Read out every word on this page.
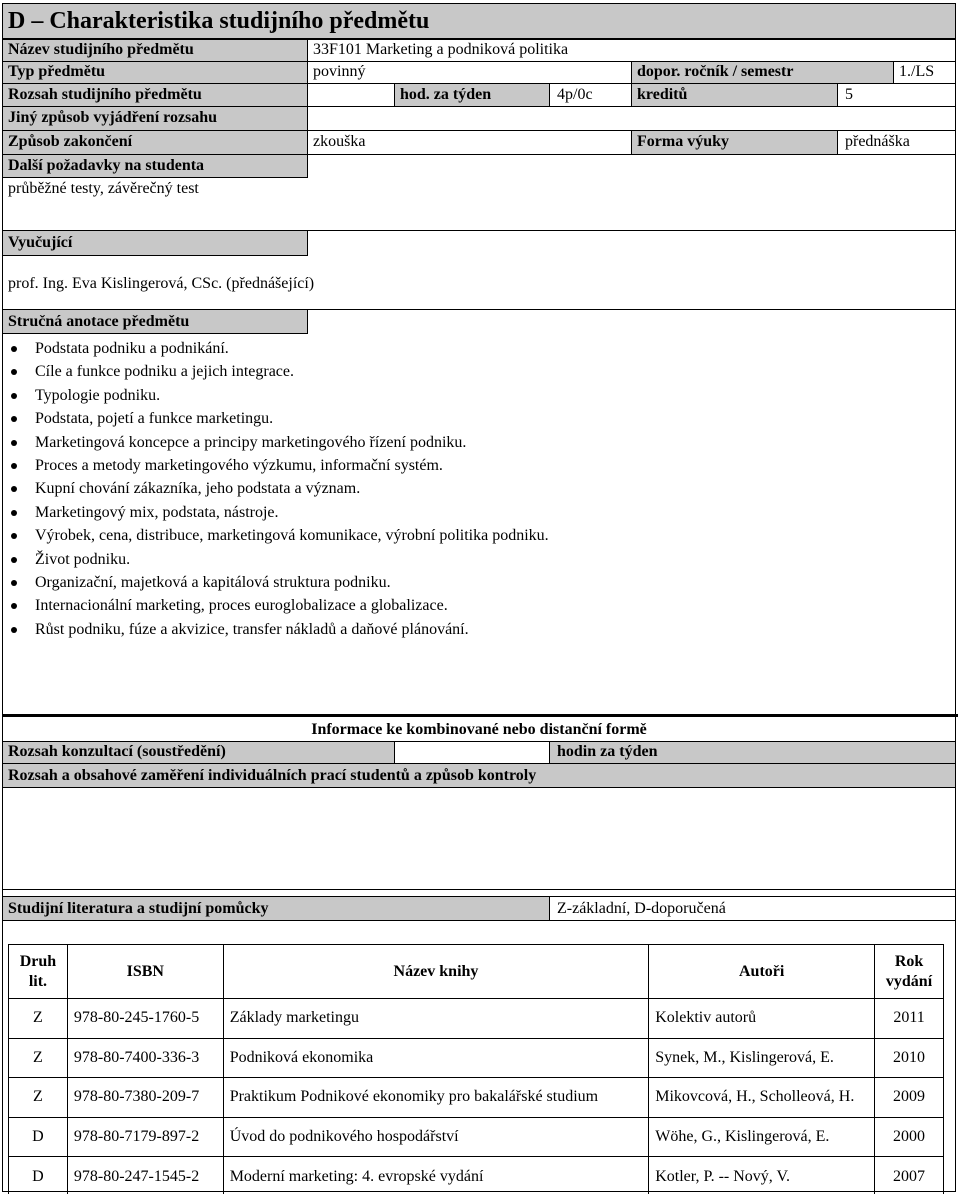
D – Charakteristika studijního předmětu
Název studijního předmětu	33F101 Marketing a podniková politika
Typ předmětu	povinný	dopor. ročník / semestr	1./LS
Rozsah studijního předmětu	hod. za týden	4p/0c	kreditů	5
Jiný způsob vyjádření rozsahu
Způsob zakončení	zkouška	Forma výuky	přednáška
Další požadavky na studenta
průběžné testy, závěrečný test
Vyučující
prof. Ing. Eva Kislingerová, CSc. (přednášející)
Stručná anotace předmětu
Podstata podniku a podnikání.
Cíle a funkce podniku a jejich integrace.
Typologie podniku.
Podstata, pojetí a funkce marketingu.
Marketingová koncepce a principy marketingového řízení podniku.
Proces a metody marketingového výzkumu, informační systém.
Kupní chování zákazníka, jeho podstata a význam.
Marketingový mix, podstata, nástroje.
Výrobek, cena, distribuce, marketingová komunikace, výrobní politika podniku.
Život podniku.
Organizační, majetková a kapitálová struktura podniku.
Internacionální marketing, proces euroglobalizace a globalizace.
Růst podniku, fúze a akvizice, transfer nákladů a daňové plánování.
Informace ke kombinované nebo distanční formě
Rozsah konzultací (soustředění)	hodin za týden
Rozsah a obsahové zaměření individuálních prací studentů a způsob kontroly
Studijní literatura a studijní pomůcky	Z-základní, D-doporučená
Druh lit.	ISBN	Název knihy	Autoři	Rok vydání
Z	978-80-245-1760-5	Základy marketingu	Kolektiv autorů	2011
Z	978-80-7400-336-3	Podniková ekonomika	Synek, M., Kislingerová, E.	2010
Z	978-80-7380-209-7	Praktikum Podnikové ekonomiky pro bakalářské studium	Mikovcová, H., Scholleová, H.	2009
D	978-80-7179-897-2	Úvod do podnikového hospodářství	Wöhe, G., Kislingerová, E.	2000
D	978-80-247-1545-2	Moderní marketing: 4. evropské vydání	Kotler, P. -- Nový, V.	2007
